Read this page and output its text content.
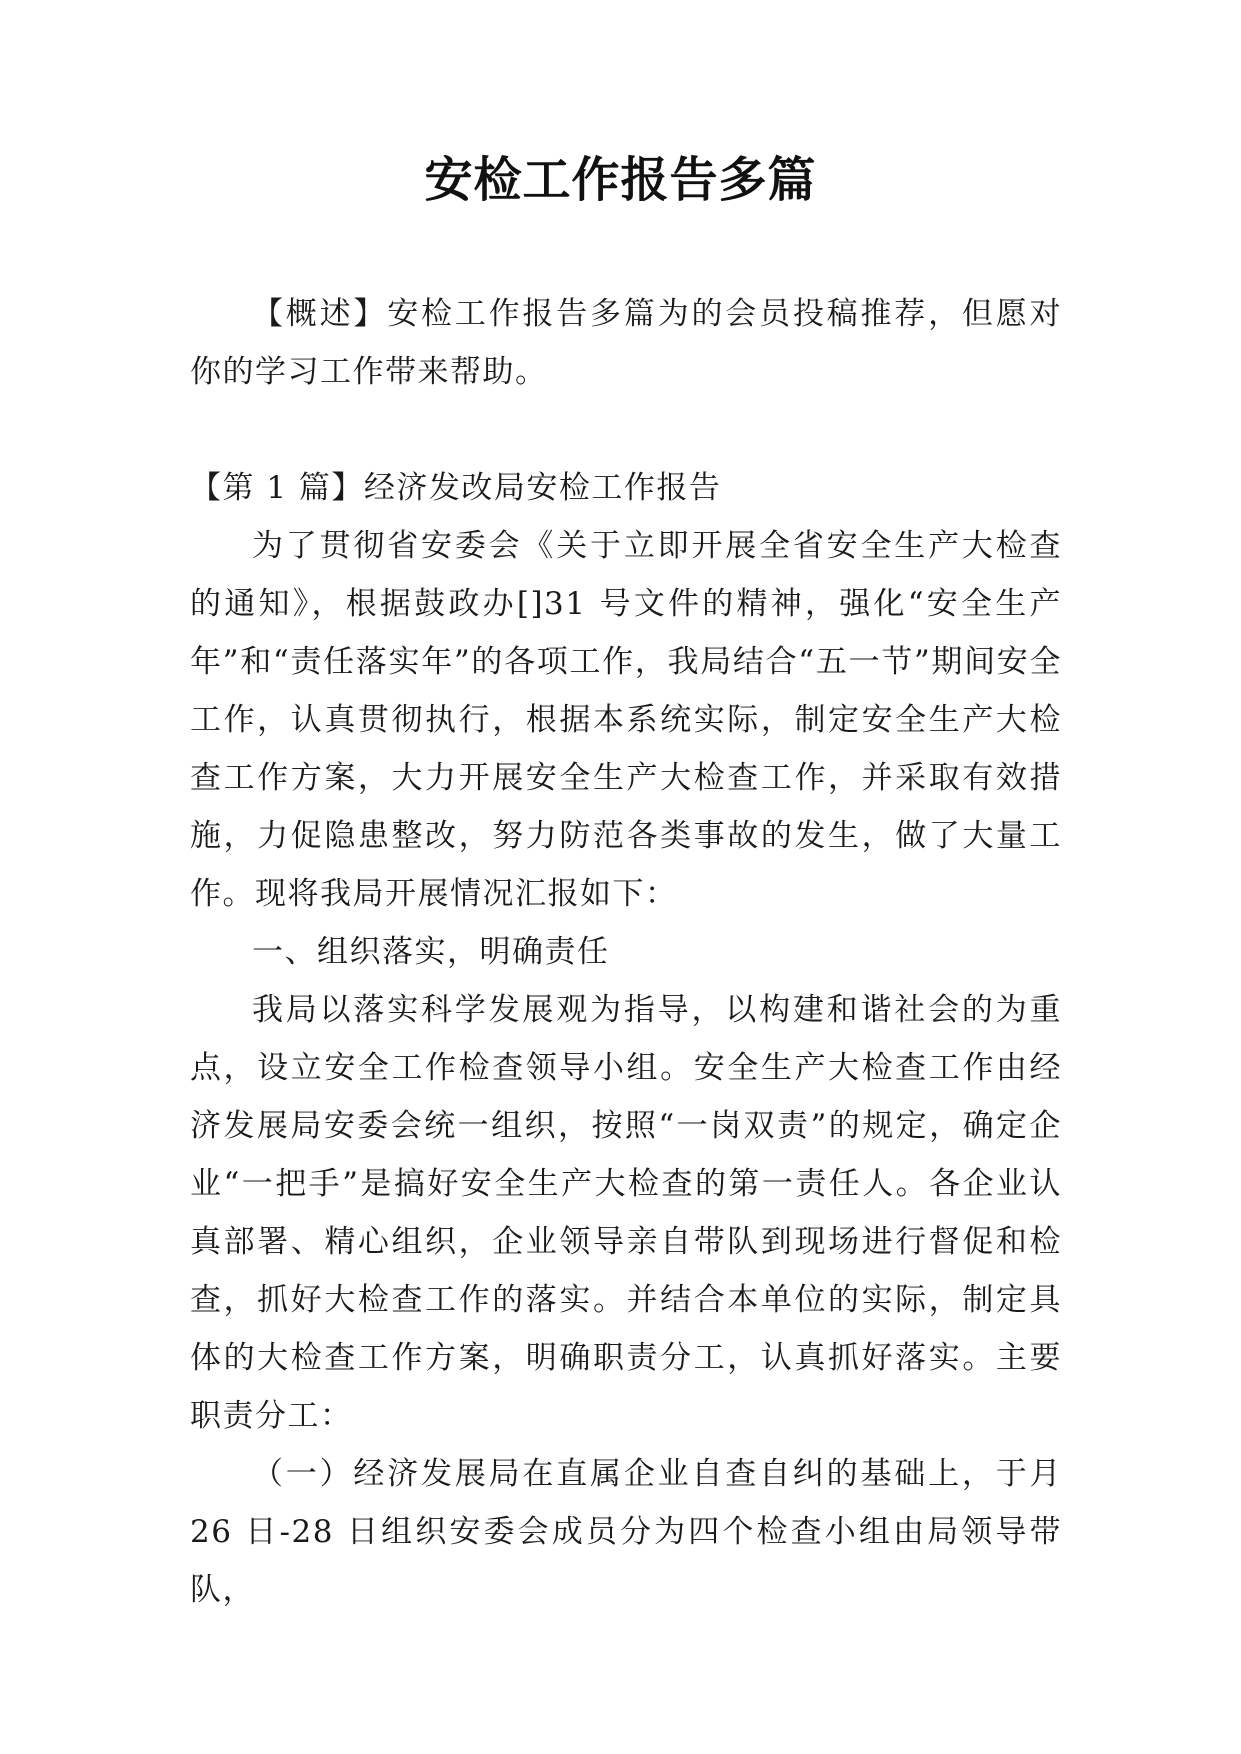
安检工作报告多篇

【概述】安检工作报告多篇为的会员投稿推荐，但愿对你的学习工作带来帮助。

【第 1 篇】经济发改局安检工作报告

为了贯彻省安委会《关于立即开展全省安全生产大检查的通知》，根据鼓政办[]31 号文件的精神，强化“安全生产年”和“责任落实年”的各项工作，我局结合“五一节”期间安全工作，认真贯彻执行，根据本系统实际，制定安全生产大检查工作方案，大力开展安全生产大检查工作，并采取有效措施，力促隐患整改，努力防范各类事故的发生，做了大量工作。现将我局开展情况汇报如下：

一、组织落实，明确责任

我局以落实科学发展观为指导，以构建和谐社会的为重点，设立安全工作检查领导小组。安全生产大检查工作由经济发展局安委会统一组织，按照“一岗双责”的规定，确定企业“一把手”是搞好安全生产大检查的第一责任人。各企业认真部署、精心组织，企业领导亲自带队到现场进行督促和检查，抓好大检查工作的落实。并结合本单位的实际，制定具体的大检查工作方案，明确职责分工，认真抓好落实。主要职责分工：

（一）经济发展局在直属企业自查自纠的基础上，于月 26 日-28 日组织安委会成员分为四个检查小组由局领导带队，
